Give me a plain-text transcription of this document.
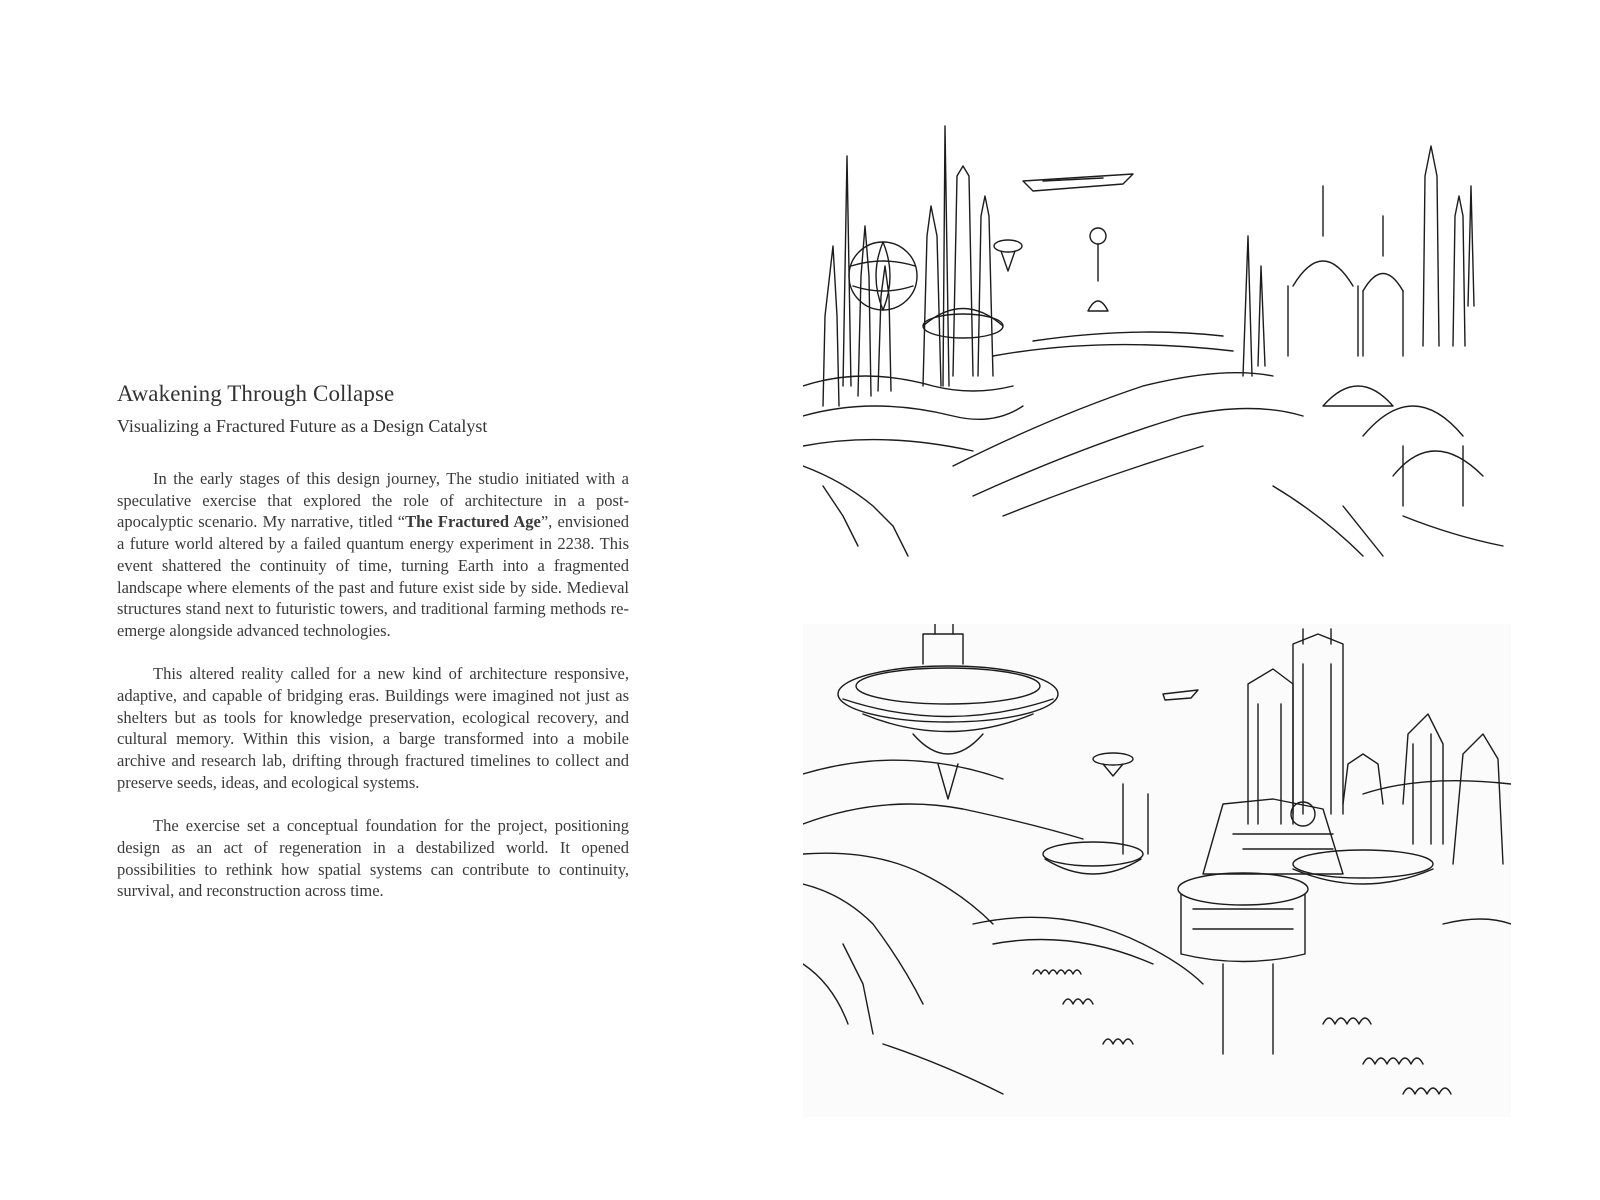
Awakening Through Collapse
Visualizing a Fractured Future as a Design Catalyst

In the early stages of this design journey, The studio initiated with a speculative exercise that explored the role of architecture in a post-apocalyptic scenario. My narrative, titled “The Fractured Age”, envisioned a future world altered by a failed quantum energy experiment in 2238. This event shattered the continuity of time, turning Earth into a fragmented landscape where elements of the past and future exist side by side. Medieval structures stand next to futuristic towers, and traditional farming methods re-emerge alongside advanced technologies.

This altered reality called for a new kind of architecture responsive, adaptive, and capable of bridging eras. Buildings were imagined not just as shelters but as tools for knowledge preservation, ecological recovery, and cultural memory. Within this vision, a barge transformed into a mobile archive and research lab, drifting through fractured timelines to collect and preserve seeds, ideas, and ecological systems.

The exercise set a conceptual foundation for the project, positioning design as an act of regeneration in a destabilized world. It opened possibilities to rethink how spatial systems can contribute to continuity, survival, and reconstruction across time.
